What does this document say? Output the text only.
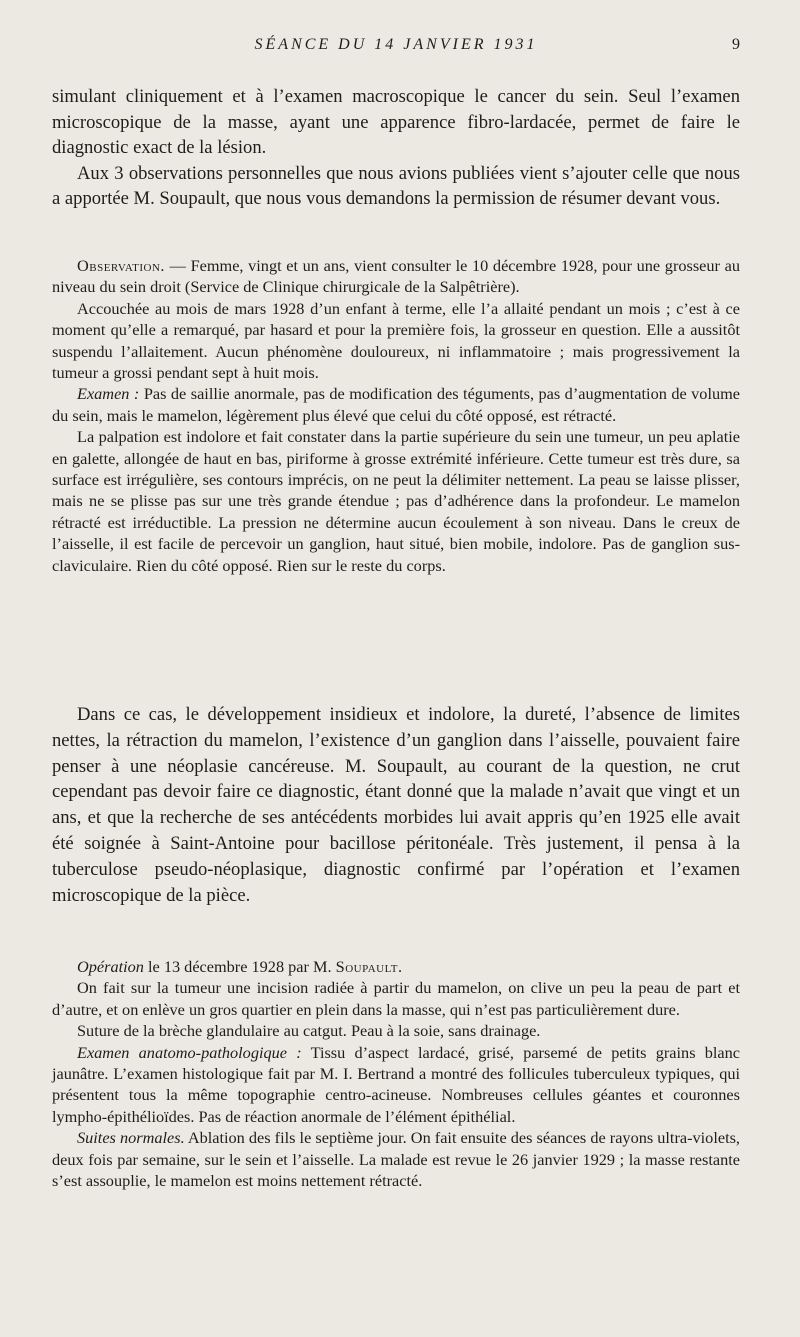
SÉANCE DU 14 JANVIER 1931	9

simulant cliniquement et à l’examen macroscopique le cancer du sein. Seul l’examen microscopique de la masse, ayant une apparence fibro-lardacée, permet de faire le diagnostic exact de la lésion.

Aux 3 observations personnelles que nous avions publiées vient s’ajouter celle que nous a apportée M. Soupault, que nous vous demandons la permission de résumer devant vous.

Observation. — Femme, vingt et un ans, vient consulter le 10 décembre 1928, pour une grosseur au niveau du sein droit (Service de Clinique chirurgicale de la Salpêtrière).

Accouchée au mois de mars 1928 d’un enfant à terme, elle l’a allaité pendant un mois ; c’est à ce moment qu’elle a remarqué, par hasard et pour la première fois, la grosseur en question. Elle a aussitôt suspendu l’allaitement. Aucun phénomène douloureux, ni inflammatoire ; mais progressivement la tumeur a grossi pendant sept à huit mois.

Examen : Pas de saillie anormale, pas de modification des téguments, pas d’augmentation de volume du sein, mais le mamelon, légèrement plus élevé que celui du côté opposé, est rétracté.

La palpation est indolore et fait constater dans la partie supérieure du sein une tumeur, un peu aplatie en galette, allongée de haut en bas, piriforme à grosse extrémité inférieure. Cette tumeur est très dure, sa surface est irrégulière, ses contours imprécis, on ne peut la délimiter nettement. La peau se laisse plisser, mais ne se plisse pas sur une très grande étendue ; pas d’adhérence dans la profondeur. Le mamelon rétracté est irréductible. La pression ne détermine aucun écoulement à son niveau. Dans le creux de l’aisselle, il est facile de percevoir un ganglion, haut situé, bien mobile, indolore. Pas de ganglion sus-claviculaire. Rien du côté opposé. Rien sur le reste du corps.

Dans ce cas, le développement insidieux et indolore, la dureté, l’absence de limites nettes, la rétraction du mamelon, l’existence d’un ganglion dans l’aisselle, pouvaient faire penser à une néoplasie cancéreuse. M. Soupault, au courant de la question, ne crut cependant pas devoir faire ce diagnostic, étant donné que la malade n’avait que vingt et un ans, et que la recherche de ses antécédents morbides lui avait appris qu’en 1925 elle avait été soignée à Saint-Antoine pour bacillose péritonéale. Très justement, il pensa à la tuberculose pseudo-néoplasique, diagnostic confirmé par l’opération et l’examen microscopique de la pièce.

Opération le 13 décembre 1928 par M. Soupault.

On fait sur la tumeur une incision radiée à partir du mamelon, on clive un peu la peau de part et d’autre, et on enlève un gros quartier en plein dans la masse, qui n’est pas particulièrement dure.

Suture de la brèche glandulaire au catgut. Peau à la soie, sans drainage.

Examen anatomo-pathologique : Tissu d’aspect lardacé, grisé, parsemé de petits grains blanc jaunâtre. L’examen histologique fait par M. I. Bertrand a montré des follicules tuberculeux typiques, qui présentent tous la même topographie centro-acineuse. Nombreuses cellules géantes et couronnes lympho-épithélioïdes. Pas de réaction anormale de l’élément épithélial.

Suites normales. Ablation des fils le septième jour. On fait ensuite des séances de rayons ultra-violets, deux fois par semaine, sur le sein et l’aisselle. La malade est revue le 26 janvier 1929 ; la masse restante s’est assouplie, le mamelon est moins nettement rétracté.
